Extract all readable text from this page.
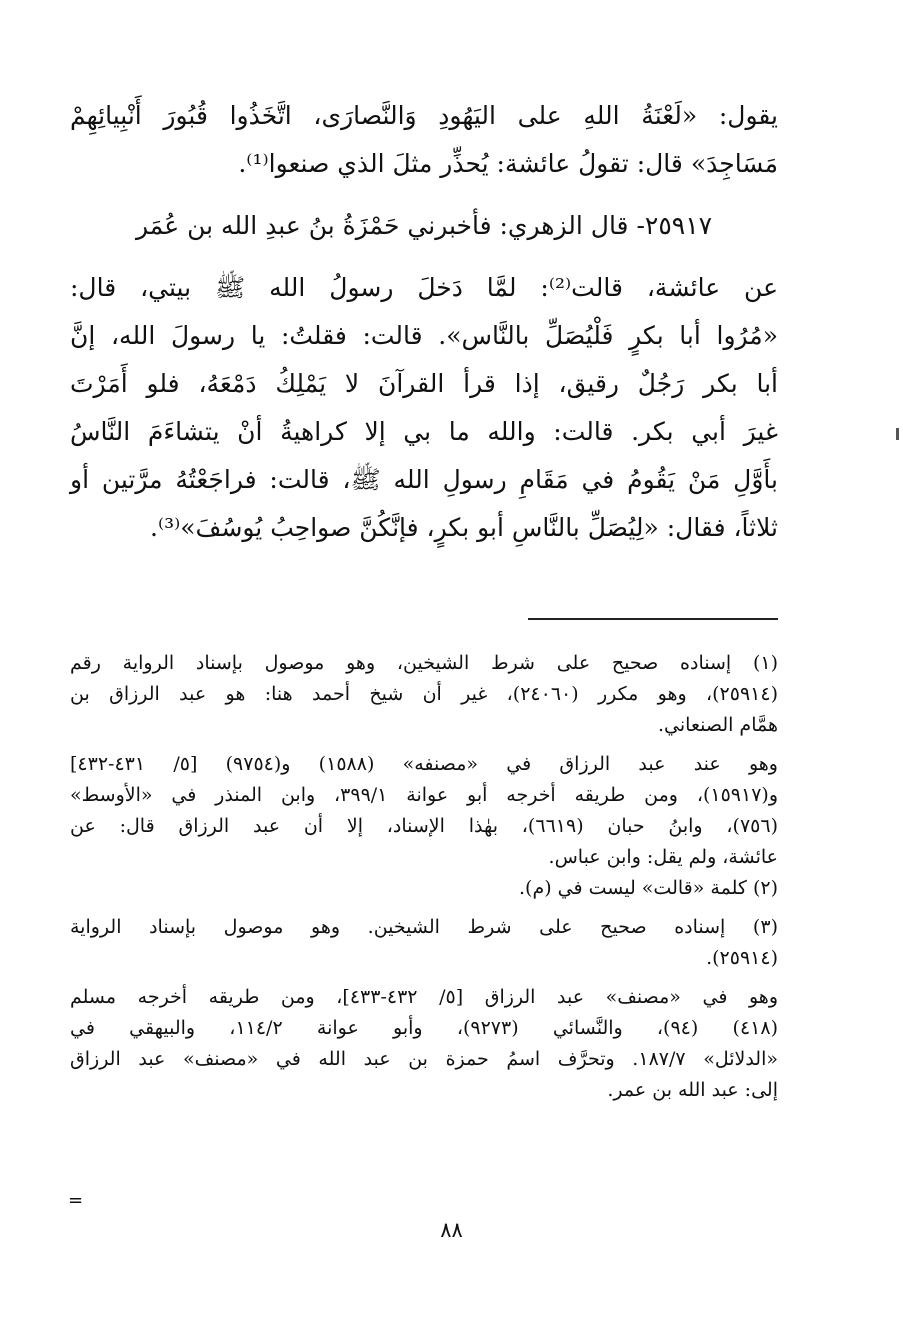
يقول: «لَعْنَةُ اللهِ على اليَهُودِ وَالنَّصارَى، اتَّخَذُوا قُبُورَ أَنْبِيائِهِمْ
مَسَاجِدَ» قال: تقولُ عائشة: يُحذِّر مثلَ الذي صنعوا⁽¹⁾.
٢٥٩١٧- قال الزهري: فأخبرني حَمْزَةُ بنُ عبدِ الله بن عُمَر
عن عائشة، قالت⁽²⁾: لمَّا دَخلَ رسولُ الله ﷺ بيتي، قال:
«مُرُوا أبا بكرٍ فَلْيُصَلِّ بالنَّاس». قالت: فقلتُ: يا رسولَ الله، إنَّ
أبا بكر رَجُلٌ رقيق، إذا قرأ القرآنَ لا يَمْلِكُ دَمْعَهُ، فلو أَمَرْتَ
غيرَ أبي بكر. قالت: والله ما بي إلا كراهيةُ أنْ يتشاءَمَ النَّاسُ
بأَوَّلِ مَنْ يَقُومُ في مَقَامِ رسولِ الله ﷺ، قالت: فراجَعْتُهُ مرَّتين أو
ثلاثاً، فقال: «لِيُصَلِّ بالنَّاسِ أبو بكرٍ، فإنَّكُنَّ صواحِبُ يُوسُفَ»⁽³⁾.
(١) إسناده صحيح على شرط الشيخين، وهو موصول بإسناد الرواية رقم
(٢٥٩١٤)، وهو مكرر (٢٤٠٦٠)، غير أن شيخ أحمد هنا: هو عبد الرزاق بن
همَّام الصنعاني.
وهو عند عبد الرزاق في «مصنفه» (١٥٨٨) و(٩٧٥٤) [٥/ ٤٣١-٤٣٢]
و(١٥٩١٧)، ومن طريقه أخرجه أبو عوانة ٣٩٩/١، وابن المنذر في «الأوسط»
(٧٥٦)، وابنُ حبان (٦٦١٩)، بهٰذا الإسناد، إلا أن عبد الرزاق قال: عن
عائشة، ولم يقل: وابن عباس.
(٢) كلمة «قالت» ليست في (م).
(٣) إسناده صحيح على شرط الشيخين. وهو موصول بإسناد الرواية
(٢٥٩١٤).
وهو في «مصنف» عبد الرزاق [٥/ ٤٣٢-٤٣٣]، ومن طريقه أخرجه مسلم
(٤١٨) (٩٤)، والنَّسائي (٩٢٧٣)، وأبو عوانة ١١٤/٢، والبيهقي في
«الدلائل» ١٨٧/٧. وتحرَّف اسمُ حمزة بن عبد الله في «مصنف» عبد الرزاق
إلى: عبد الله بن عمر.
=
٨٨
